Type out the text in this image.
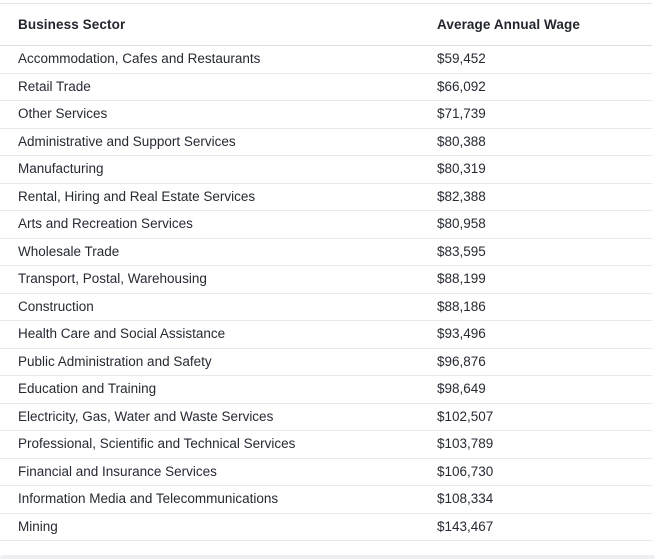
Business Sector	Average Annual Wage
Accommodation, Cafes and Restaurants	$59,452
Retail Trade	$66,092
Other Services	$71,739
Administrative and Support Services	$80,388
Manufacturing	$80,319
Rental, Hiring and Real Estate Services	$82,388
Arts and Recreation Services	$80,958
Wholesale Trade	$83,595
Transport, Postal, Warehousing	$88,199
Construction	$88,186
Health Care and Social Assistance	$93,496
Public Administration and Safety	$96,876
Education and Training	$98,649
Electricity, Gas, Water and Waste Services	$102,507
Professional, Scientific and Technical Services	$103,789
Financial and Insurance Services	$106,730
Information Media and Telecommunications	$108,334
Mining	$143,467
